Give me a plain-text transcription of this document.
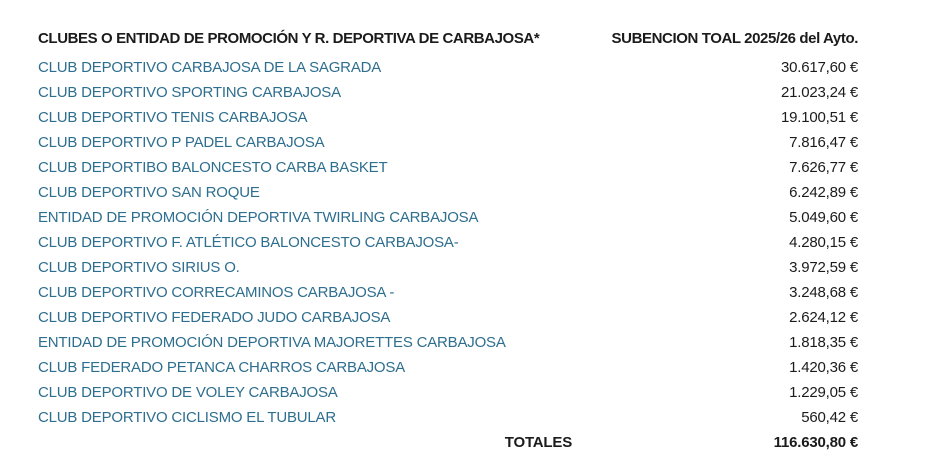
CLUBES O ENTIDAD DE PROMOCIÓN Y R. DEPORTIVA DE CARBAJOSA*	SUBENCION TOAL 2025/26 del Ayto.
CLUB DEPORTIVO CARBAJOSA DE LA SAGRADA	30.617,60 €
CLUB DEPORTIVO SPORTING CARBAJOSA	21.023,24 €
CLUB DEPORTIVO TENIS CARBAJOSA	19.100,51 €
CLUB DEPORTIVO P PADEL CARBAJOSA	7.816,47 €
CLUB DEPORTIBO BALONCESTO CARBA BASKET	7.626,77 €
CLUB DEPORTIVO SAN ROQUE	6.242,89 €
ENTIDAD DE PROMOCIÓN DEPORTIVA TWIRLING CARBAJOSA	5.049,60 €
CLUB DEPORTIVO F. ATLÉTICO BALONCESTO CARBAJOSA-	4.280,15 €
CLUB DEPORTIVO SIRIUS O.	3.972,59 €
CLUB DEPORTIVO CORRECAMINOS CARBAJOSA -	3.248,68 €
CLUB DEPORTIVO FEDERADO JUDO CARBAJOSA	2.624,12 €
ENTIDAD DE PROMOCIÓN DEPORTIVA MAJORETTES CARBAJOSA	1.818,35 €
CLUB FEDERADO PETANCA CHARROS CARBAJOSA	1.420,36 €
CLUB DEPORTIVO DE VOLEY CARBAJOSA	1.229,05 €
CLUB DEPORTIVO CICLISMO EL TUBULAR	560,42 €
TOTALES	116.630,80 €
